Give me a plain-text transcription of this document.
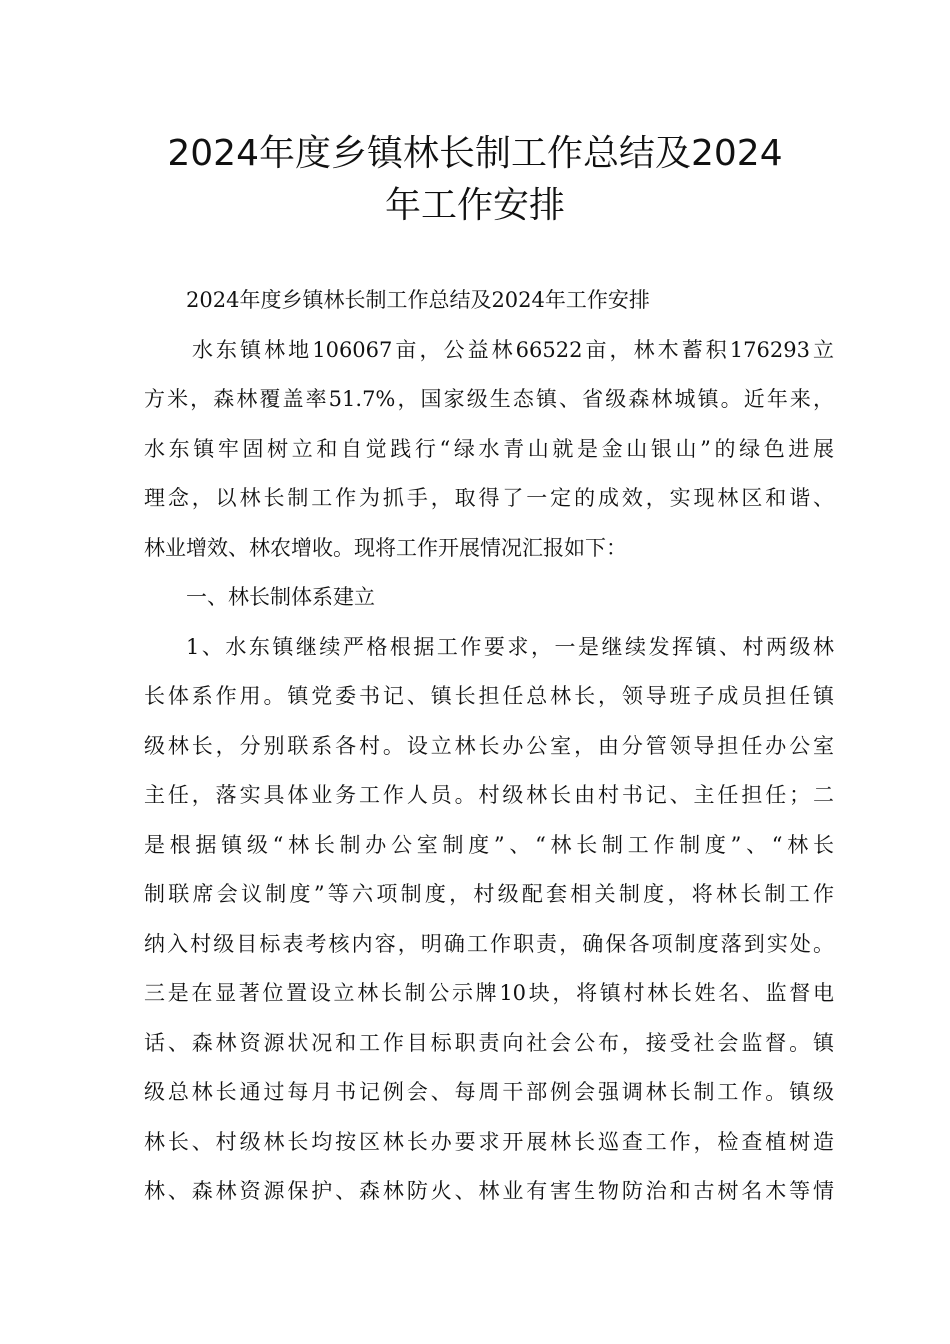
2024年度乡镇林长制工作总结及2024
年工作安排
2024年度乡镇林长制工作总结及2024年工作安排
水东镇林地106067亩，公益林66522亩，林木蓄积176293立
方米，森林覆盖率51.7%，国家级生态镇、省级森林城镇。近年来，
水东镇牢固树立和自觉践行“绿水青山就是金山银山”的绿色进展
理念，以林长制工作为抓手，取得了一定的成效，实现林区和谐、
林业增效、林农增收。现将工作开展情况汇报如下：
一、林长制体系建立
1、水东镇继续严格根据工作要求，一是继续发挥镇、村两级林
长体系作用。镇党委书记、镇长担任总林长，领导班子成员担任镇
级林长，分别联系各村。设立林长办公室，由分管领导担任办公室
主任，落实具体业务工作人员。村级林长由村书记、主任担任；二
是根据镇级“林长制办公室制度”、“林长制工作制度”、“林长
制联席会议制度”等六项制度，村级配套相关制度，将林长制工作
纳入村级目标表考核内容，明确工作职责，确保各项制度落到实处。
三是在显著位置设立林长制公示牌10块，将镇村林长姓名、监督电
话、森林资源状况和工作目标职责向社会公布，接受社会监督。镇
级总林长通过每月书记例会、每周干部例会强调林长制工作。镇级
林长、村级林长均按区林长办要求开展林长巡查工作，检查植树造
林、森林资源保护、森林防火、林业有害生物防治和古树名木等情
